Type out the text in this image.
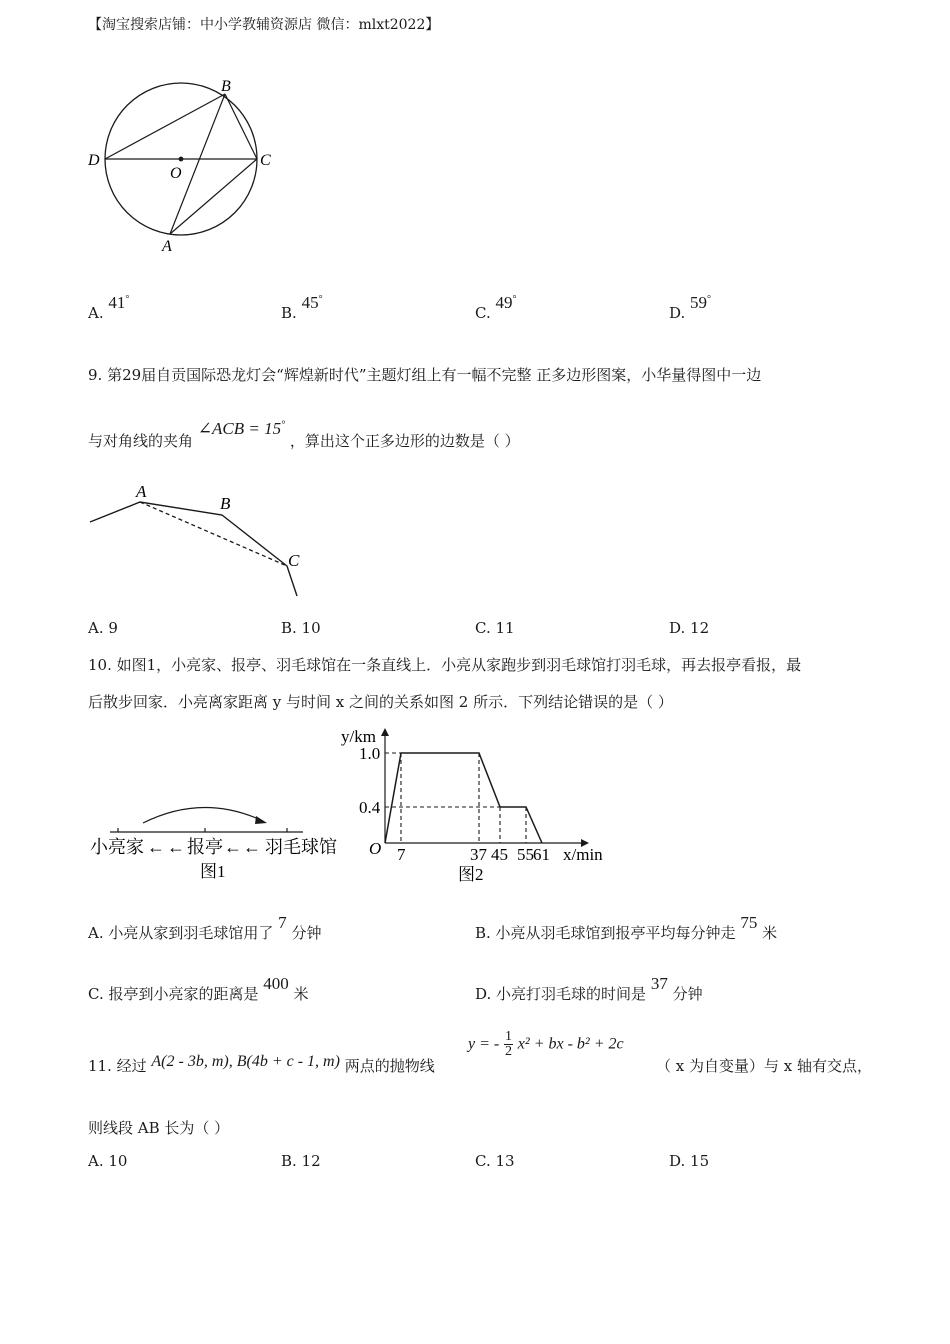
【淘宝搜索店铺：中小学教辅资源店 微信：mlxt2022】
B
D
O
C
A
A. 41°
B. 45°
C. 49°
D. 59°
9. 第29届自贡国际恐龙灯会“辉煌新时代”主题灯组上有一幅不完整 正多边形图案，小华量得图中一边
与对角线的夹角 ∠ACB = 15° ，算出这个正多边形的边数是（ ）
A
B
C
A. 9	B. 10	C. 11	D. 12
10. 如图1，小亮家、报亭、羽毛球馆在一条直线上．小亮从家跑步到羽毛球馆打羽毛球，再去报亭看报，最
后散步回家．小亮离家距离 y 与时间 x 之间的关系如图 2 所示．下列结论错误的是（ ）
小亮家 ← ← 报亭 ← ← 羽毛球馆
图1
y/km
x/min
O
图2
1.0
0.4
7	37 45 55 61
A. 小亮从家到羽毛球馆用了 7 分钟	B. 小亮从羽毛球馆到报亭平均每分钟走 75 米
C. 报亭到小亮家的距离是 400 米	D. 小亮打羽毛球的时间是 37 分钟
11. 经过 A(2 - 3b, m), B(4b + c - 1, m) 两点的抛物线
y = - $\frac{1}{2} x^2$ + bx - b² + 2c
（ x 为自变量）与 x 轴有交点，
则线段 AB 长为（ ）
A. 10	B. 12	C. 13	D. 15
